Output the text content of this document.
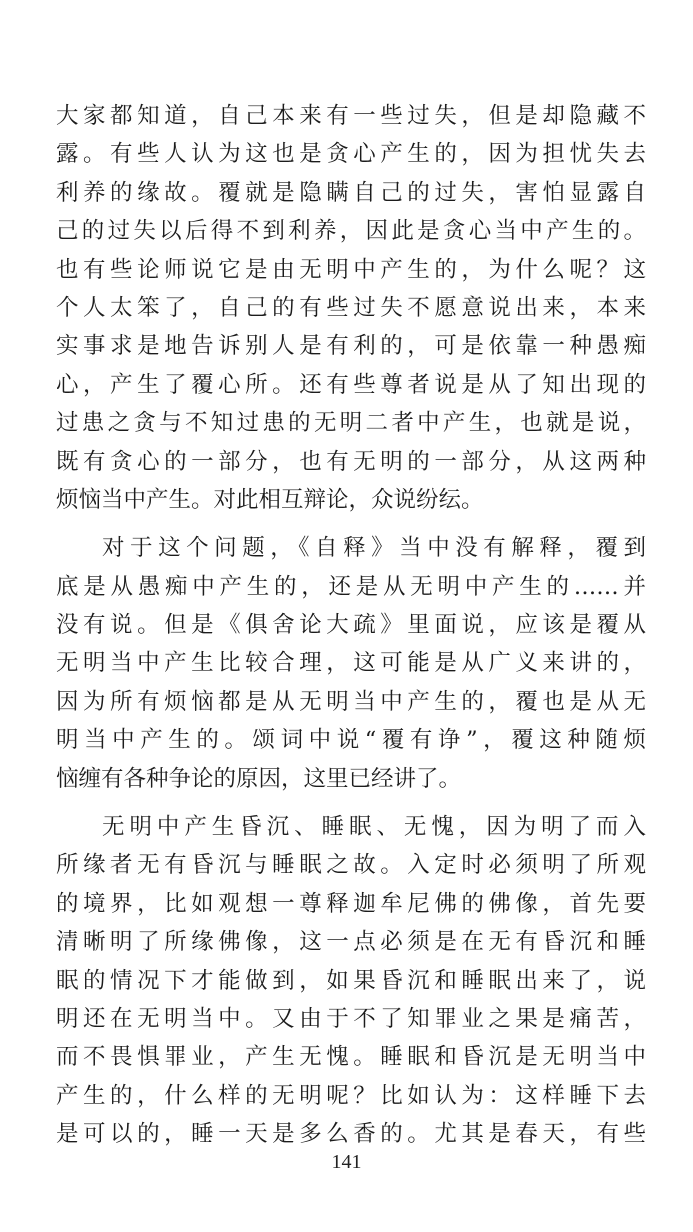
大家都知道，自己本来有一些过失，但是却隐藏不
露。有些人认为这也是贪心产生的，因为担忧失去
利养的缘故。覆就是隐瞒自己的过失，害怕显露自
己的过失以后得不到利养，因此是贪心当中产生的。
也有些论师说它是由无明中产生的，为什么呢？这
个人太笨了，自己的有些过失不愿意说出来，本来
实事求是地告诉别人是有利的，可是依靠一种愚痴
心，产生了覆心所。还有些尊者说是从了知出现的
过患之贪与不知过患的无明二者中产生，也就是说，
既有贪心的一部分，也有无明的一部分，从这两种
烦恼当中产生。对此相互辩论，众说纷纭。
对于这个问题，《自释》当中没有解释，覆到
底是从愚痴中产生的，还是从无明中产生的……并
没有说。但是《俱舍论大疏》里面说，应该是覆从
无明当中产生比较合理，这可能是从广义来讲的，
因为所有烦恼都是从无明当中产生的，覆也是从无
明当中产生的。颂词中说“覆有诤”，覆这种随烦
恼缠有各种争论的原因，这里已经讲了。
无明中产生昏沉、睡眠、无愧，因为明了而入
所缘者无有昏沉与睡眠之故。入定时必须明了所观
的境界，比如观想一尊释迦牟尼佛的佛像，首先要
清晰明了所缘佛像，这一点必须是在无有昏沉和睡
眠的情况下才能做到，如果昏沉和睡眠出来了，说
明还在无明当中。又由于不了知罪业之果是痛苦，
而不畏惧罪业，产生无愧。睡眠和昏沉是无明当中
产生的，什么样的无明呢？比如认为：这样睡下去
是可以的，睡一天是多么香的。尤其是春天，有些
141
